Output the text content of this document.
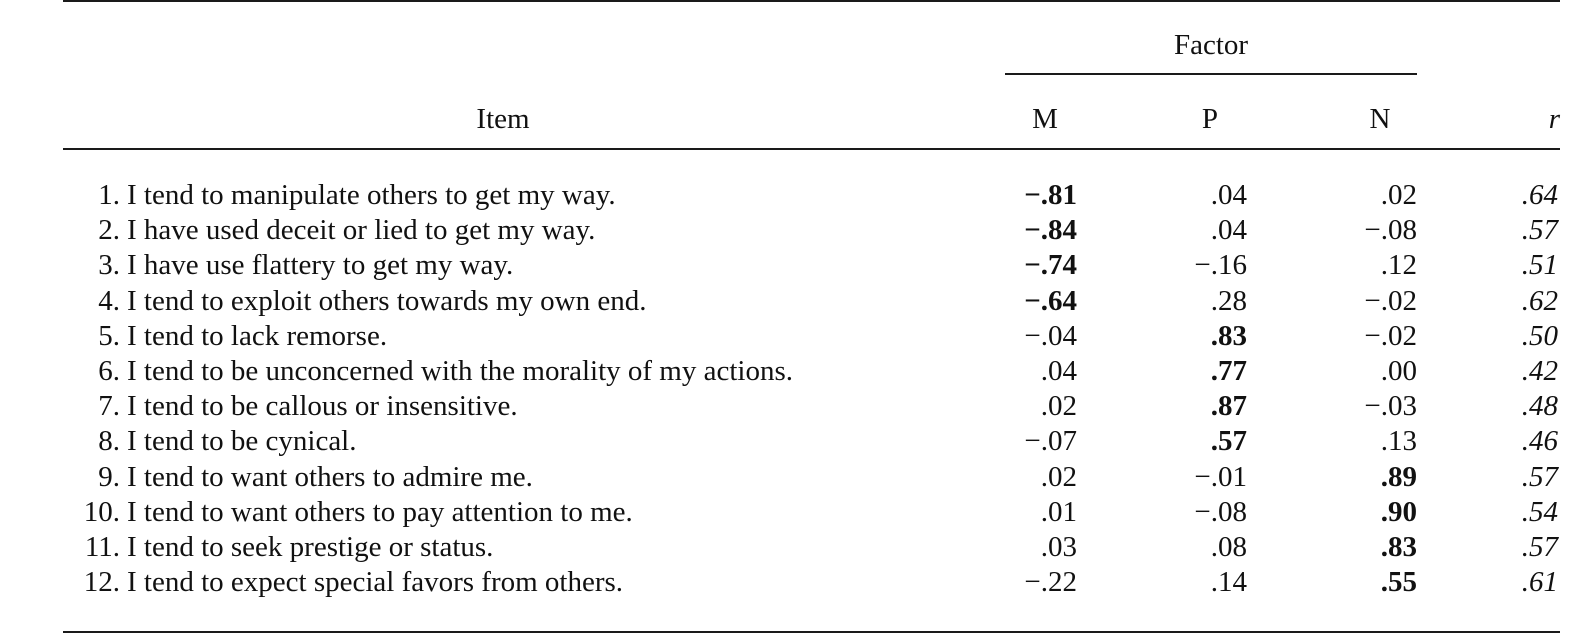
Factor
Item	M	P	N	r
1. I tend to manipulate others to get my way.	−.81	.04	.02	.64
2. I have used deceit or lied to get my way.	−.84	.04	−.08	.57
3. I have use flattery to get my way.	−.74	−.16	.12	.51
4. I tend to exploit others towards my own end.	−.64	.28	−.02	.62
5. I tend to lack remorse.	−.04	.83	−.02	.50
6. I tend to be unconcerned with the morality of my actions.	.04	.77	.00	.42
7. I tend to be callous or insensitive.	.02	.87	−.03	.48
8. I tend to be cynical.	−.07	.57	.13	.46
9. I tend to want others to admire me.	.02	−.01	.89	.57
10. I tend to want others to pay attention to me.	.01	−.08	.90	.54
11. I tend to seek prestige or status.	.03	.08	.83	.57
12. I tend to expect special favors from others.	−.22	.14	.55	.61
